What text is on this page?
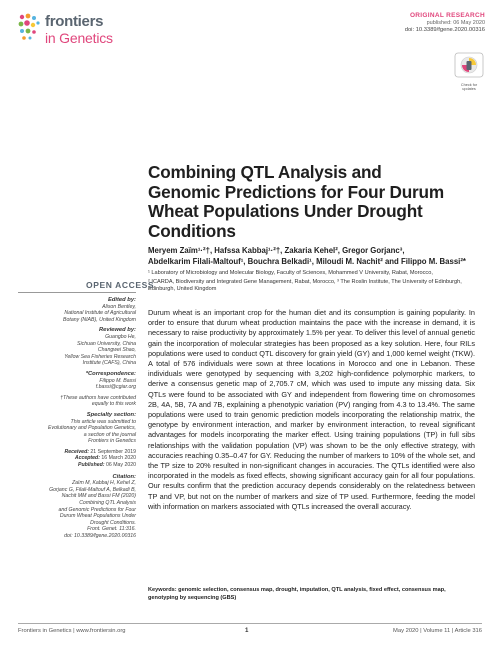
frontiers
in Genetics
ORIGINAL RESEARCH
published: 06 May 2020
doi: 10.3389/fgene.2020.00316
Check for updates
Combining QTL Analysis and
Genomic Predictions for Four Durum
Wheat Populations Under Drought
Conditions
Meryem Zaïm¹·²†, Hafssa Kabbaj¹·²†, Zakaria Kehel², Gregor Gorjanc³,
Abdelkarim Filali-Maltouf¹, Bouchra Belkadi¹, Miloudi M. Nachit² and Filippo M. Bassi²*

¹ Laboratory of Microbiology and Molecular Biology, Faculty of Sciences, Mohammed V University, Rabat, Morocco,

² ICARDA, Biodiversity and Integrated Gene Management, Rabat, Morocco, ³ The Roslin Institute, The University of Edinburgh, Edinburgh, United Kingdom

OPEN ACCESS
Edited by:
Alison Bentley,
National Institute of Agricultural
Botany (NIAB), United Kingdom
Reviewed by:
Guangbo He,
Sichuan University, China
Changwei Shao,
Yellow Sea Fisheries Research
Institute (CAFS), China
*Correspondence:
Filippo M. Bassi
f.bassi@cgiar.org
†These authors have contributed
equally to this work
Specialty section:
This article was submitted to
Evolutionary and Population Genetics,
a section of the journal
Frontiers in Genetics
Received: 21 September 2019
Accepted: 16 March 2020
Published: 06 May 2020
Citation:
Zaïm M, Kabbaj H, Kehel Z,
Gorjanc G, Filali-Maltouf A, Belkadi B,
Nachit MM and Bassi FM (2020)
Combining QTL Analysis
and Genomic Predictions for Four
Durum Wheat Populations Under
Drought Conditions.
Front. Genet. 11:316.
doi: 10.3389/fgene.2020.00316
Durum wheat is an important crop for the human diet and its consumption is gaining popularity. In order to ensure that durum wheat production maintains the pace with the increase in demand, it is necessary to raise productivity by approximately 1.5% per year. To deliver this level of annual genetic gain the incorporation of molecular strategies has been proposed as a key solution. Here, four RILs populations were used to conduct QTL discovery for grain yield (GY) and 1,000 kernel weight (TKW). A total of 576 individuals were sown at three locations in Morocco and one in Lebanon. These individuals were genotyped by sequencing with 3,202 high-confidence polymorphic markers, to derive a consensus genetic map of 2,705.7 cM, which was used to impute any missing data. Six QTLs were found to be associated with GY and independent from flowering time on chromosomes 2B, 4A, 5B, 7A and 7B, explaining a phenotypic variation (PV) ranging from 4.3 to 13.4%. The same populations were used to train genomic prediction models incorporating the relationship matrix, the genotype by environment interaction, and marker by environment interaction, to reveal significant advantages for models incorporating the marker effect. Using training populations (TP) in full sibs relationships with the validation population (VP) was shown to be the only effective strategy, with accuracies reaching 0.35–0.47 for GY. Reducing the number of markers to 10% of the whole set, and the TP size to 20% resulted in non-significant changes in accuracies. The QTLs identified were also incorporated in the models as fixed effects, showing significant accuracy gain for all four populations. Our results confirm that the prediction accuracy depends considerably on the relatedness between TP and VP, but not on the number of markers and size of TP used. Furthermore, feeding the model with information on markers associated with QTLs increased the overall accuracy.
Keywords: genomic selection, consensus map, drought, imputation, QTL analysis, fixed effect, consensus map, genotyping by sequencing (GBS)
Frontiers in Genetics | www.frontiersin.org	1	May 2020 | Volume 11 | Article 316
